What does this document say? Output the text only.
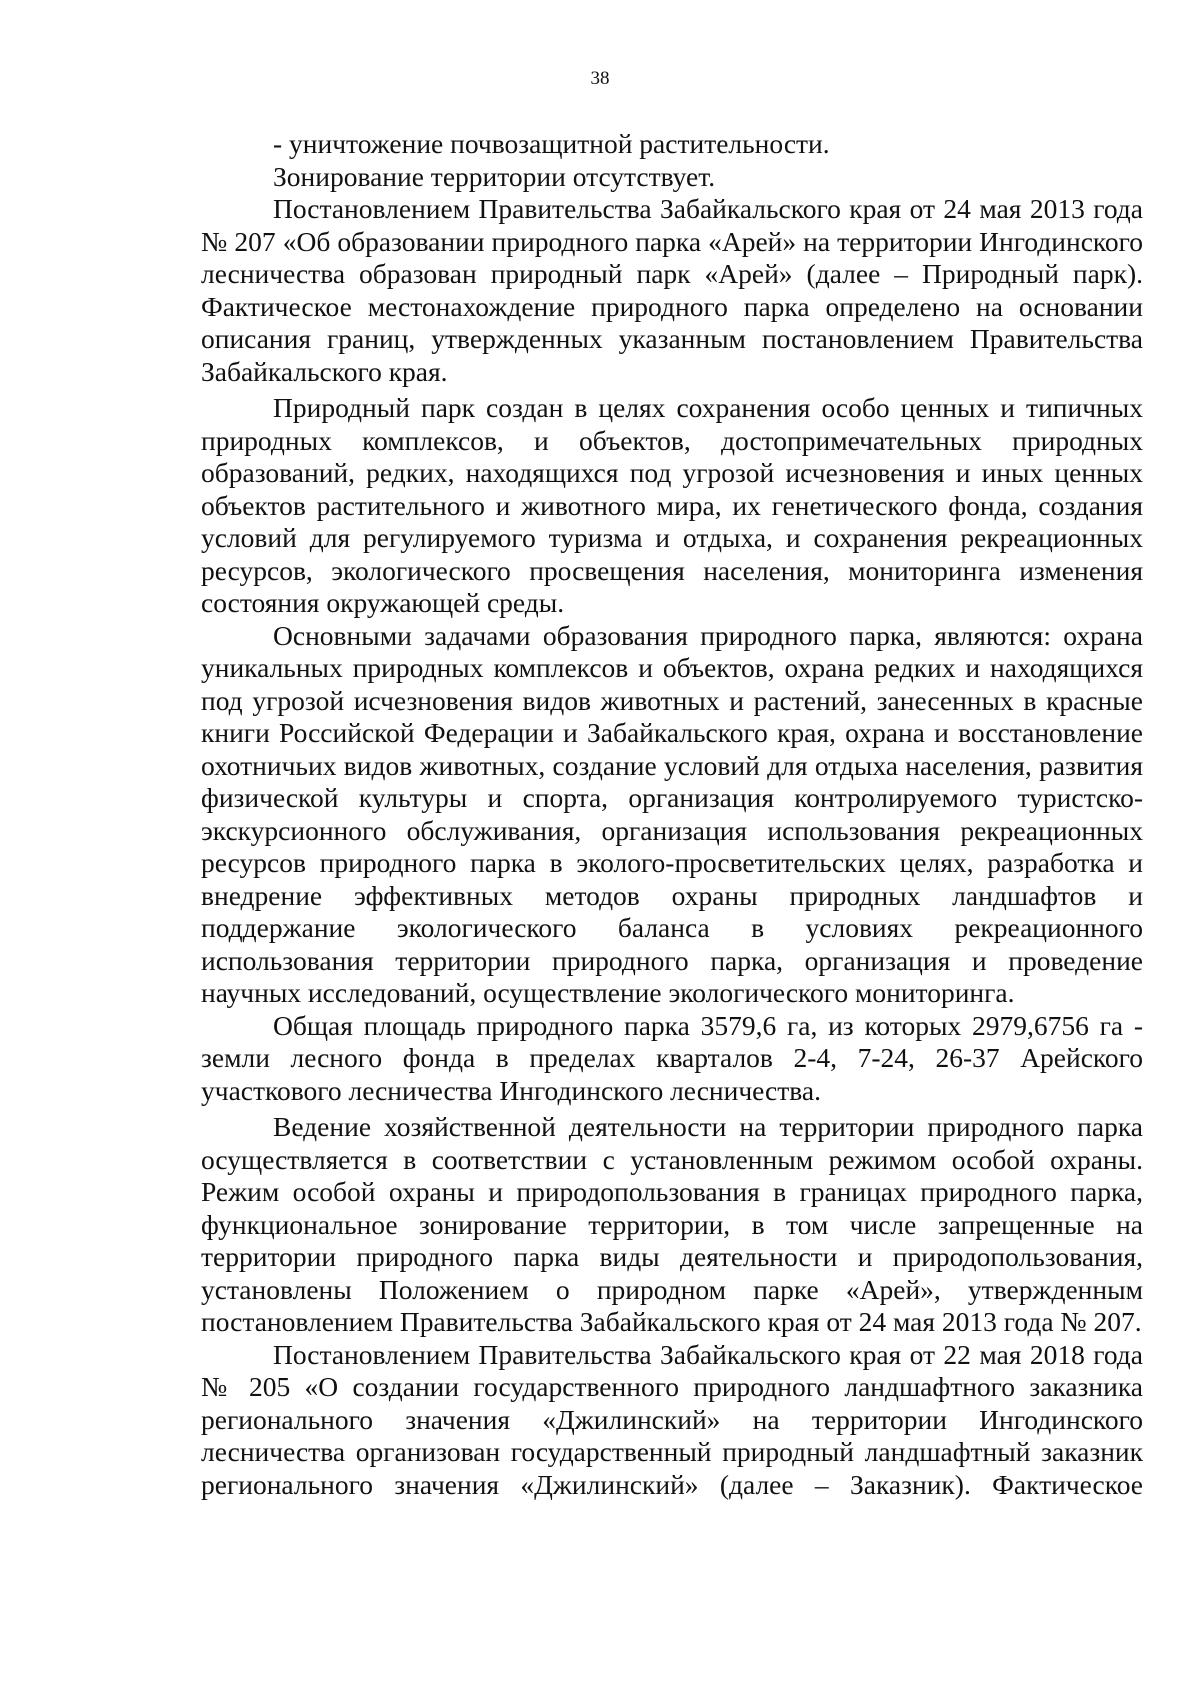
38

- уничтожение почвозащитной растительности.

Зонирование территории отсутствует.

Постановлением Правительства Забайкальского края от 24 мая 2013 года № 207 «Об образовании природного парка «Арей» на территории Ингодинского лесничества образован природный парк «Арей» (далее – Природный парк). Фактическое местонахождение природного парка определено на основании описания границ, утвержденных указанным постановлением Правительства Забайкальского края.

Природный парк создан в целях сохранения особо ценных и типичных природных комплексов, и объектов, достопримечательных природных образований, редких, находящихся под угрозой исчезновения и иных ценных объектов растительного и животного мира, их генетического фонда, создания условий для регулируемого туризма и отдыха, и сохранения рекреационных ресурсов, экологического просвещения населения, мониторинга изменения состояния окружающей среды.

Основными задачами образования природного парка, являются: охрана уникальных природных комплексов и объектов, охрана редких и находящихся под угрозой исчезновения видов животных и растений, занесенных в красные книги Российской Федерации и Забайкальского края, охрана и восстановление охотничьих видов животных, создание условий для отдыха населения, развития физической культуры и спорта, организация контролируемого туристско-экскурсионного обслуживания, организация использования рекреационных ресурсов природного парка в эколого-просветительских целях, разработка и внедрение эффективных методов охраны природных ландшафтов и поддержание экологического баланса в условиях рекреационного использования территории природного парка, организация и проведение научных исследований, осуществление экологического мониторинга.

Общая площадь природного парка 3579,6 га, из которых 2979,6756 га - земли лесного фонда в пределах кварталов 2-4, 7-24, 26-37 Арейского участкового лесничества Ингодинского лесничества.

Ведение хозяйственной деятельности на территории природного парка осуществляется в соответствии с установленным режимом особой охраны. Режим особой охраны и природопользования в границах природного парка, функциональное зонирование территории, в том числе запрещенные на территории природного парка виды деятельности и природопользования, установлены Положением о природном парке «Арей», утвержденным постановлением Правительства Забайкальского края от 24 мая 2013 года № 207.

Постановлением Правительства Забайкальского края от 22 мая 2018 года № 205 «О создании государственного природного ландшафтного заказника регионального значения «Джилинский» на территории Ингодинского лесничества организован государственный природный ландшафтный заказник регионального значения «Джилинский» (далее – Заказник). Фактическое
